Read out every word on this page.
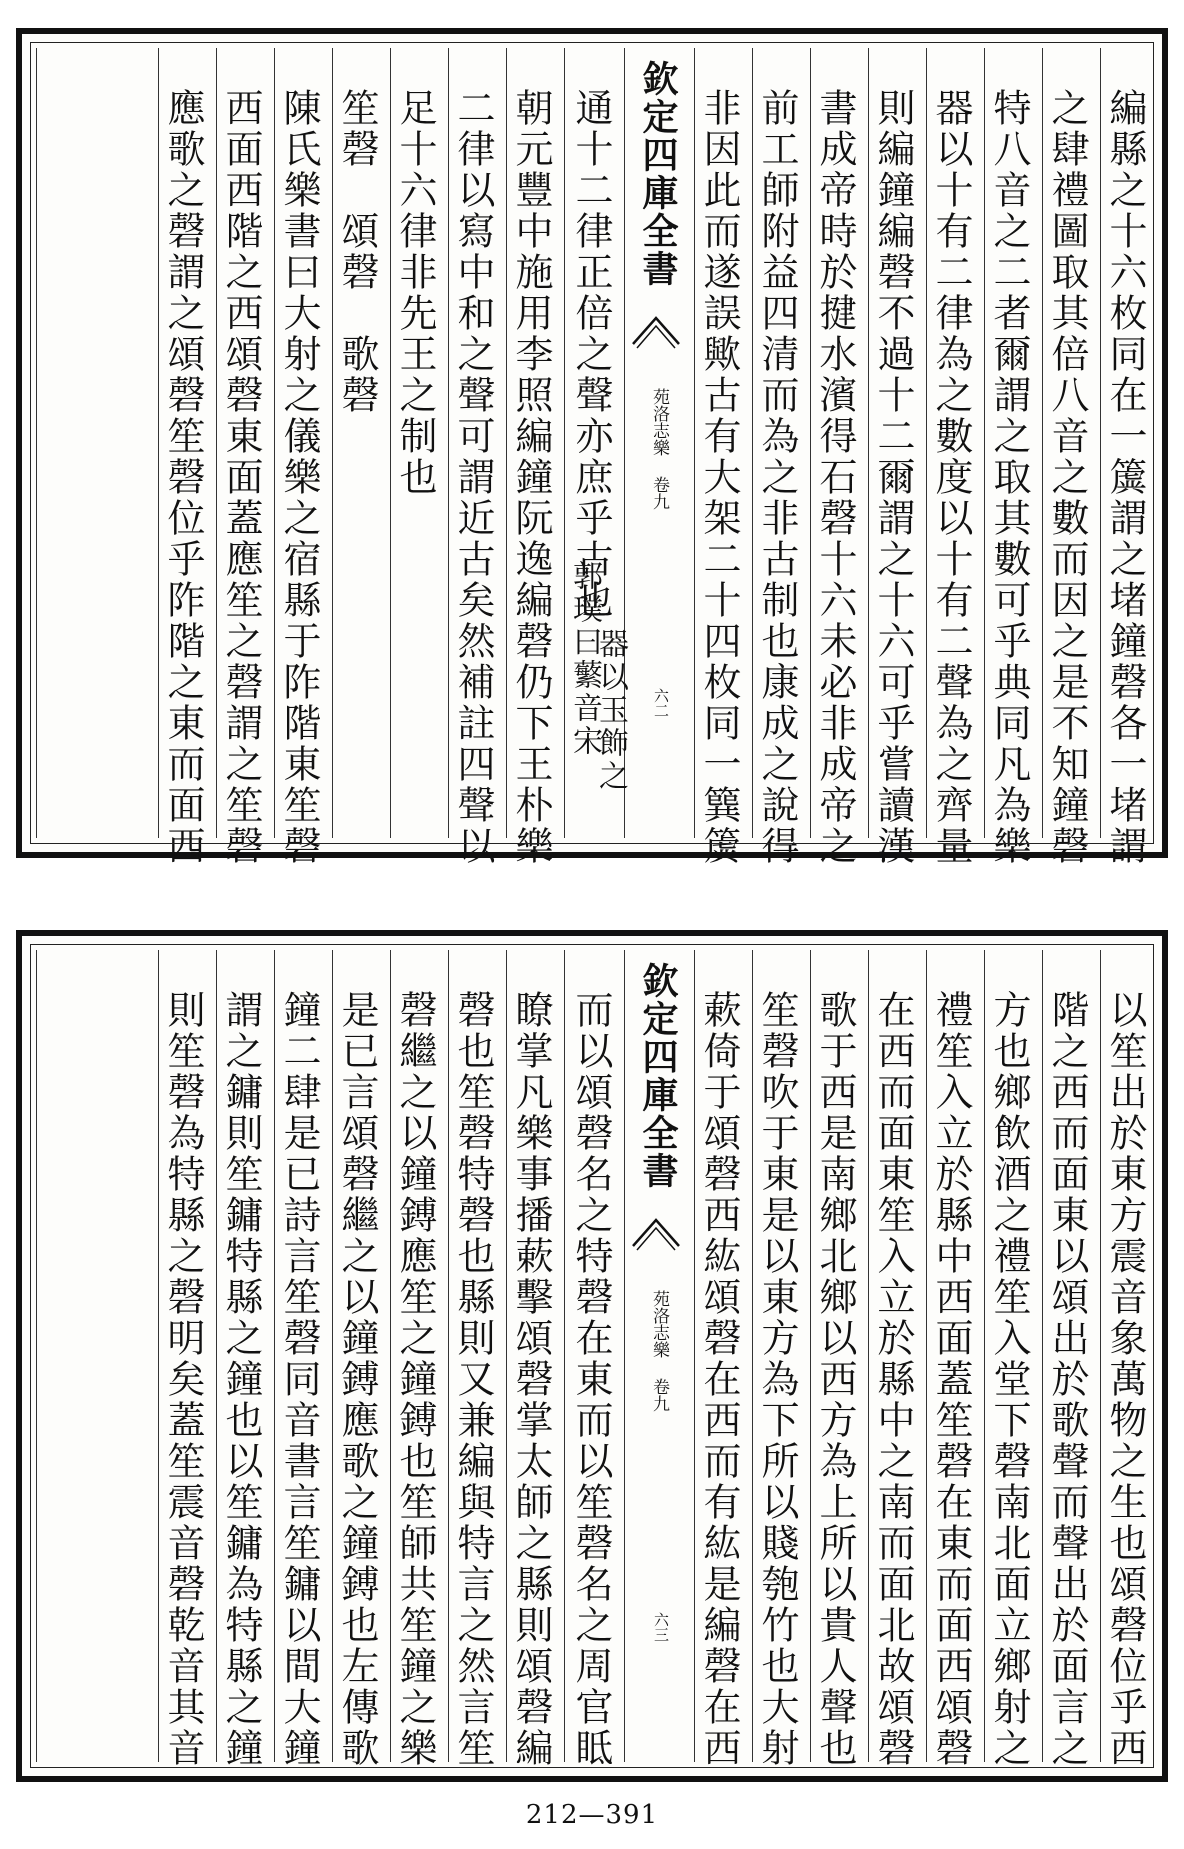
編縣之十六枚同在一簴謂之堵鐘磬各一堵謂
之肆禮圖取其倍八音之數而因之是不知鐘磬
特八音之二者爾謂之取其數可乎典同凡為樂
器以十有二律為之數度以十有二聲為之齊量
則編鐘編磬不過十二爾謂之十六可乎嘗讀漢
書成帝時於揵水濱得石磬十六未必非成帝之
前工師附益四清而為之非古制也康成之說得
非因此而遂誤歟古有大架二十四枚同一簨簴
欽定四庫全書
苑洛志樂 卷九
六二
通十二律正倍之聲亦庶乎古也
郭璞曰蘩音宋
器以玉飾之
朝元豐中施用李照編鐘阮逸編磬仍下王朴樂
二律以寫中和之聲可謂近古矣然補註四聲以
足十六律非先王之制也
笙磬　頌磬　歌磬
陳氏樂書曰大射之儀樂之宿縣于阼階東笙磬
西面西階之西頌磬東面蓋應笙之磬謂之笙磬
應歌之磬謂之頌磬笙磬位乎阼階之東而面西
以笙出於東方震音象萬物之生也頌磬位乎西
階之西而面東以頌出於歌聲而聲出於面言之
方也鄉飲酒之禮笙入堂下磬南北面立鄉射之
禮笙入立於縣中西面蓋笙磬在東而面西頌磬
在西而面東笙入立於縣中之南而面北故頌磬
歌于西是南鄉北鄉以西方為上所以貴人聲也
笙磬吹于東是以東方為下所以賤匏竹也大射
蔌倚于頌磬西紘頌磬在西而有紘是編磬在西
欽定四庫全書
苑洛志樂 卷九
六三
而以頌磬名之特磬在東而以笙磬名之周官眡
瞭掌凡樂事播蔌擊頌磬掌太師之縣則頌磬編
磬也笙磬特磬也縣則又兼編與特言之然言笙
磬繼之以鐘鎛應笙之鐘鎛也笙師共笙鐘之樂
是已言頌磬繼之以鐘鎛應歌之鐘鎛也左傳歌
鐘二肆是已詩言笙磬同音書言笙鏞以間大鐘
謂之鏞則笙鏞特縣之鐘也以笙鏞為特縣之鐘
則笙磬為特縣之磬明矣蓋笙震音磬乾音其音
212—391
